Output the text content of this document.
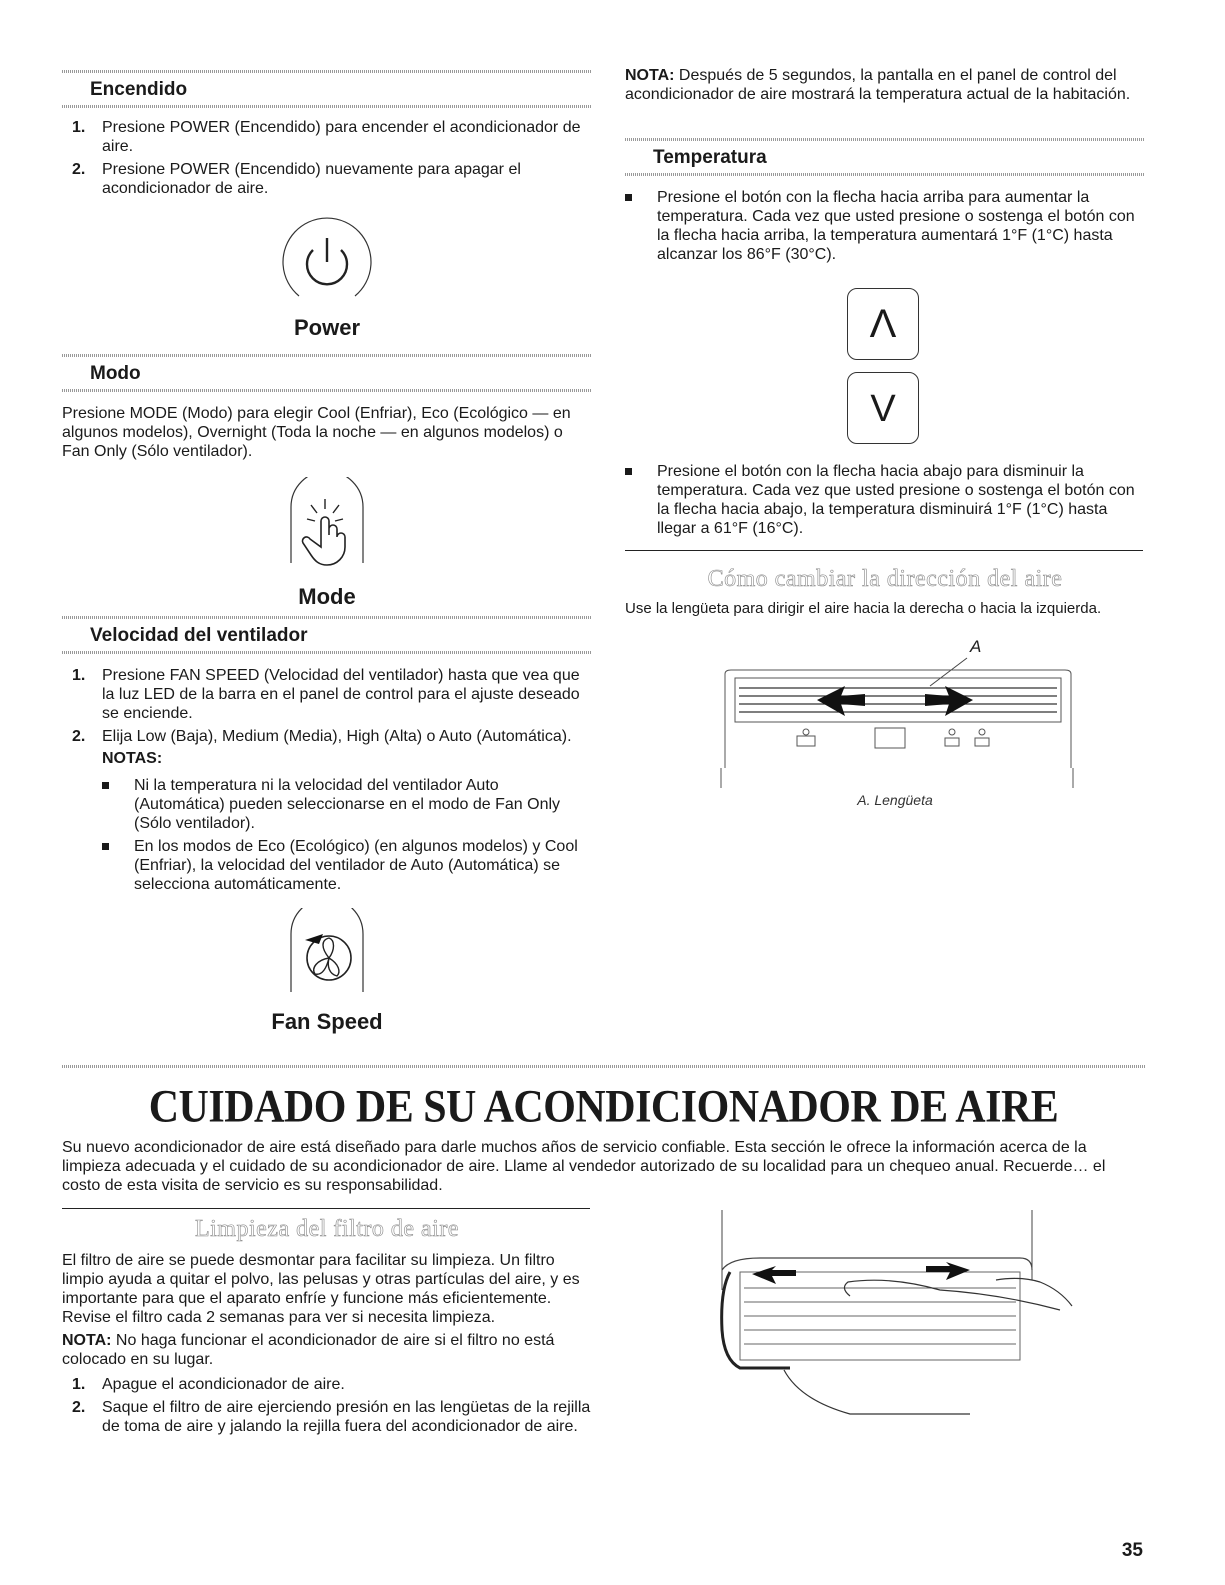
Encendido
1. Presione POWER (Encendido) para encender el acondicionador de aire.
2. Presione POWER (Encendido) nuevamente para apagar el acondicionador de aire.
Power
Modo

Presione MODE (Modo) para elegir Cool (Enfriar), Eco (Ecológico — en algunos modelos), Overnight (Toda la noche — en algunos modelos) o Fan Only (Sólo ventilador).

Mode
Velocidad del ventilador
1. Presione FAN SPEED (Velocidad del ventilador) hasta que vea que la luz LED de la barra en el panel de control para el ajuste deseado se enciende.
2. Elija Low (Baja), Medium (Media), High (Alta) o Auto (Automática).
NOTAS:
Ni la temperatura ni la velocidad del ventilador Auto (Automática) pueden seleccionarse en el modo de Fan Only (Sólo ventilador).
En los modos de Eco (Ecológico) (en algunos modelos) y Cool (Enfriar), la velocidad del ventilador de Auto (Automática) se selecciona automáticamente.
Fan Speed

NOTA: Después de 5 segundos, la pantalla en el panel de control del acondicionador de aire mostrará la temperatura actual de la habitación.

Temperatura
Presione el botón con la flecha hacia arriba para aumentar la temperatura. Cada vez que usted presione o sostenga el botón con la flecha hacia arriba, la temperatura aumentará 1°F (1°C) hasta alcanzar los 86°F (30°C).
Λ
V
Presione el botón con la flecha hacia abajo para disminuir la temperatura. Cada vez que usted presione o sostenga el botón con la flecha hacia abajo, la temperatura disminuirá 1°F (1°C) hasta llegar a 61°F (16°C).
Cómo cambiar la dirección del aire

Use la lengüeta para dirigir el aire hacia la derecha o hacia la izquierda.

A
A. Lengüeta
CUIDADO DE SU ACONDICIONADOR DE AIRE

Su nuevo acondicionador de aire está diseñado para darle muchos años de servicio confiable. Esta sección le ofrece la información acerca de la limpieza adecuada y el cuidado de su acondicionador de aire. Llame al vendedor autorizado de su localidad para un chequeo anual. Recuerde… el costo de esta visita de servicio es su responsabilidad.

Limpieza del filtro de aire

El filtro de aire se puede desmontar para facilitar su limpieza. Un filtro limpio ayuda a quitar el polvo, las pelusas y otras partículas del aire, y es importante para que el aparato enfríe y funcione más eficientemente. Revise el filtro cada 2 semanas para ver si necesita limpieza.

NOTA: No haga funcionar el acondicionador de aire si el filtro no está colocado en su lugar.

1. Apague el acondicionador de aire.
2. Saque el filtro de aire ejerciendo presión en las lengüetas de la rejilla de toma de aire y jalando la rejilla fuera del acondicionador de aire.
35
